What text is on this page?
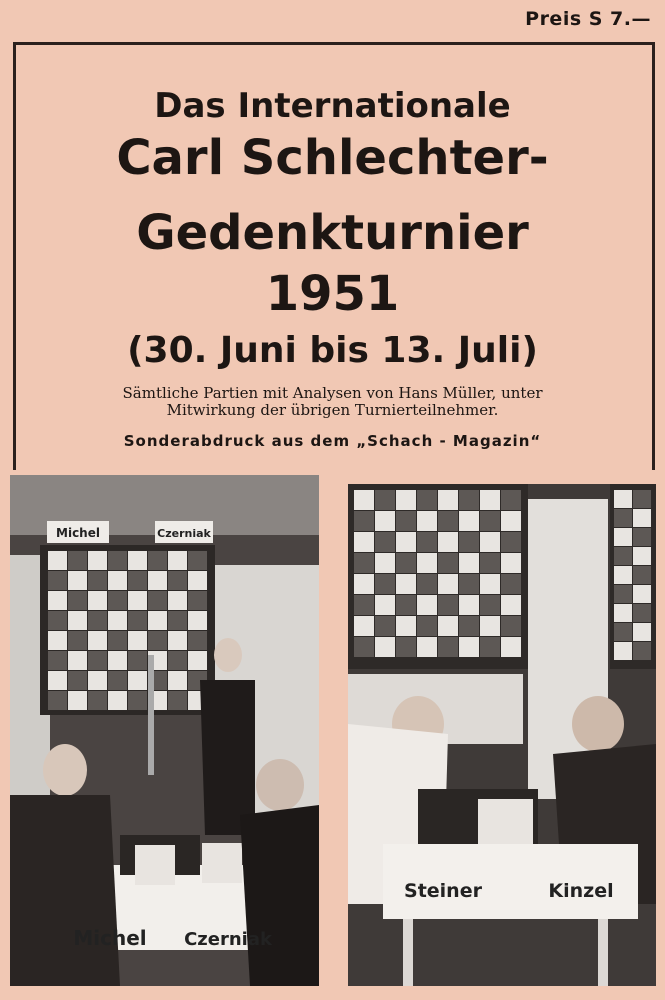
Preis S 7.—
Das Internationale
Carl Schlechter-
Gedenkturnier
1951
(30. Juni bis 13. Juli)
Sämtliche Partien mit Analysen von Hans Müller, unter
Mitwirkung der übrigen Turnierteilnehmer.
Sonderabdruck aus dem „Schach - Magazin“
Michel	Czerniak
Michel Czerniak
Steiner	Kinzel
